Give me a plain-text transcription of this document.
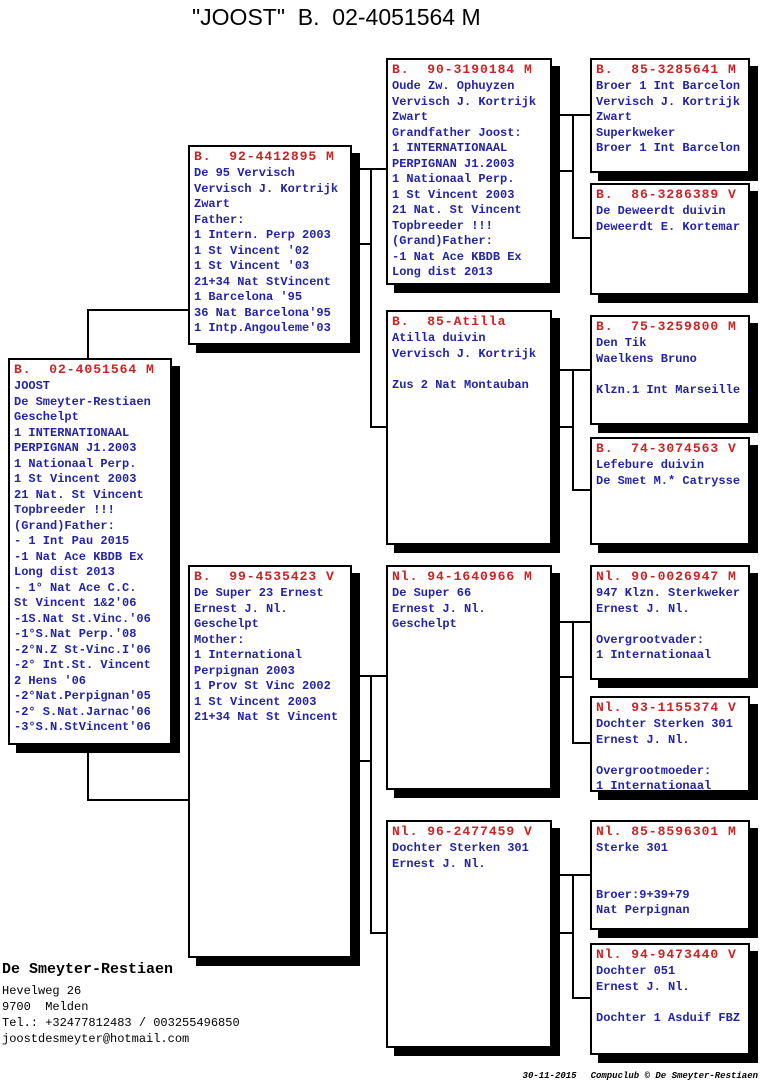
"JOOST"  B.  02-4051564 M
B.  02-4051564 M
JOOST
De Smeyter-Restiaen
Geschelpt
1 INTERNATIONAAL
PERPIGNAN J1.2003
1 Nationaal Perp.
1 St Vincent 2003
21 Nat. St Vincent
Topbreeder !!!
(Grand)Father:
- 1 Int Pau 2015
-1 Nat Ace KBDB Ex
Long dist 2013
- 1° Nat Ace C.C.
St Vincent 1&2'06
-1S.Nat St.Vinc.'06
-1°S.Nat Perp.'08
-2°N.Z St-Vinc.I'06
-2° Int.St. Vincent
2 Hens '06
-2°Nat.Perpignan'05
-2° S.Nat.Jarnac'06
-3°S.N.StVincent'06
B.  92-4412895 M
De 95 Vervisch
Vervisch J. Kortrijk
Zwart
Father:
1 Intern. Perp 2003
1 St Vincent '02
1 St Vincent '03
21+34 Nat StVincent
1 Barcelona '95
36 Nat Barcelona'95
1 Intp.Angouleme'03
B.  99-4535423 V
De Super 23 Ernest
Ernest J. Nl.
Geschelpt
Mother:
1 International
Perpignan 2003
1 Prov St Vinc 2002
1 St Vincent 2003
21+34 Nat St Vincent
B.  90-3190184 M
Oude Zw. Ophuyzen
Vervisch J. Kortrijk
Zwart
Grandfather Joost:
1 INTERNATIONAAL
PERPIGNAN J1.2003
1 Nationaal Perp.
1 St Vincent 2003
21 Nat. St Vincent
Topbreeder !!!
(Grand)Father:
-1 Nat Ace KBDB Ex
Long dist 2013
B.  85-Atilla
Atilla duivin
Vervisch J. Kortrijk
Zus 2 Nat Montauban
Nl. 94-1640966 M
De Super 66
Ernest J. Nl.
Geschelpt
Nl. 96-2477459 V
Dochter Sterken 301
Ernest J. Nl.
B.  85-3285641 M
Broer 1 Int Barcelon
Vervisch J. Kortrijk
Zwart
Superkweker
Broer 1 Int Barcelon
B.  86-3286389 V
De Deweerdt duivin
Deweerdt E. Kortemar
B.  75-3259800 M
Den Tik
Waelkens Bruno
Klzn.1 Int Marseille
B.  74-3074563 V
Lefebure duivin
De Smet M.* Catrysse
Nl. 90-0026947 M
947 Klzn. Sterkweker
Ernest J. Nl.
Overgrootvader:
1 Internationaal
Nl. 93-1155374 V
Dochter Sterken 301
Ernest J. Nl.
Overgrootmoeder:
1 Internationaal
Nl. 85-8596301 M
Sterke 301
Broer:9+39+79
Nat Perpignan
Nl. 94-9473440 V
Dochter 051
Ernest J. Nl.
Dochter 1 Asduif FBZ
De Smeyter-Restiaen
Hevelweg 26
9700  Melden
Tel.: +32477812483 / 003255496850
joostdesmeyter@hotmail.com

30-11-2015 Compuclub © De Smeyter-Restiaen
